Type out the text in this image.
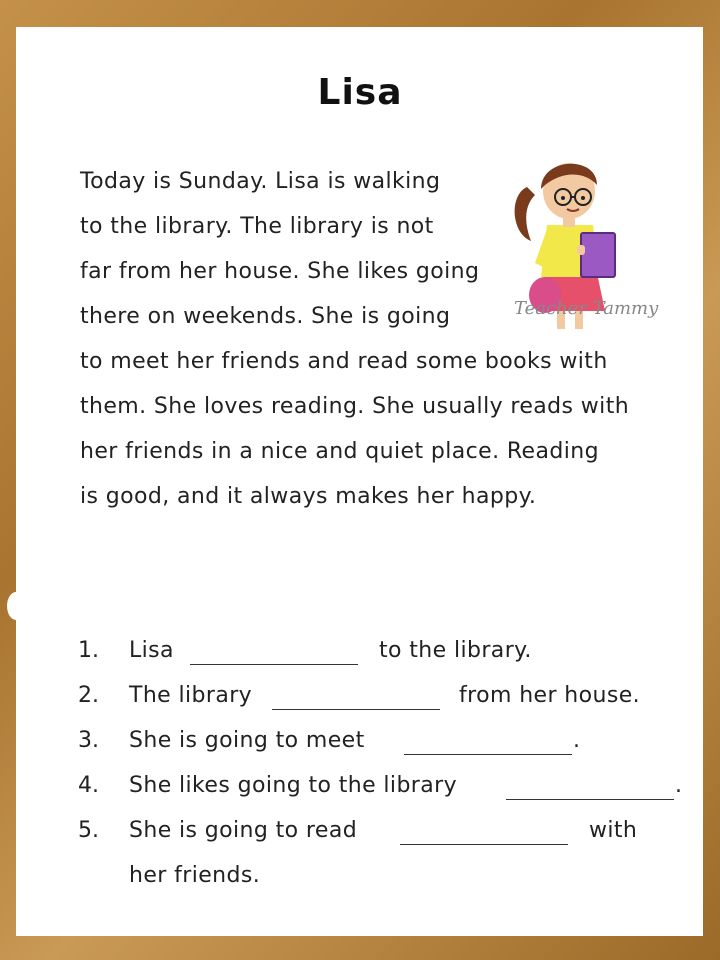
Lisa
Today is Sunday. Lisa is walking
to the library. The library is not
far from her house. She likes going
there on weekends. She is going
to meet her friends and read some books with
them. She loves reading. She usually reads with
her friends in a nice and quiet place. Reading
is good, and it always makes her happy.
Teacher Tammy
1. Lisa	to the library.
2. The library	from her house.
3. She is going to meet	.
4. She likes going to the library	.
5. She is going to read	with
her friends.
